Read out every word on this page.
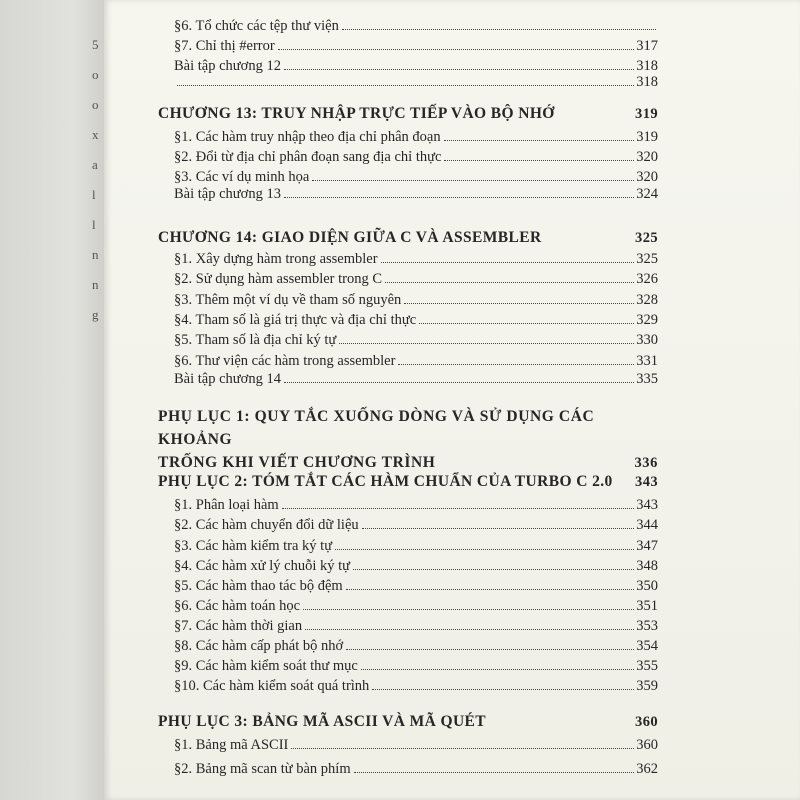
5
o
o
x
a
l
l
n
n
g
§6. Tổ chức các tệp thư viện
§7. Chỉ thị #error	317
Bài tập chương 12	318
318
CHƯƠNG 13: TRUY NHẬP TRỰC TIẾP VÀO BỘ NHỚ	319
§1. Các hàm truy nhập theo địa chỉ phân đoạn	319
§2. Đổi từ địa chỉ phân đoạn sang địa chỉ thực	320
§3. Các ví dụ minh họa	320
Bài tập chương 13	324
CHƯƠNG 14: GIAO DIỆN GIỮA C VÀ ASSEMBLER	325
§1. Xây dựng hàm trong assembler	325
§2. Sử dụng hàm assembler trong C	326
§3. Thêm một ví dụ về tham số nguyên	328
§4. Tham số là giá trị thực và địa chỉ thực	329
§5. Tham số là địa chỉ ký tự	330
§6. Thư viện các hàm trong assembler	331
Bài tập chương 14	335
PHỤ LỤC 1: QUY TẮC XUỐNG DÒNG VÀ SỬ DỤNG CÁC KHOẢNG
TRỐNG KHI VIẾT CHƯƠNG TRÌNH	336
PHỤ LỤC 2: TÓM TẮT CÁC HÀM CHUẨN CỦA TURBO C 2.0	343
§1. Phân loại hàm	343
§2. Các hàm chuyển đổi dữ liệu	344
§3. Các hàm kiểm tra ký tự	347
§4. Các hàm xử lý chuỗi ký tự	348
§5. Các hàm thao tác bộ đệm	350
§6. Các hàm toán học	351
§7. Các hàm thời gian	353
§8. Các hàm cấp phát bộ nhớ	354
§9. Các hàm kiểm soát thư mục	355
§10. Các hàm kiểm soát quá trình	359
PHỤ LỤC 3: BẢNG MÃ ASCII VÀ MÃ QUÉT	360
§1. Bảng mã ASCII	360
§2. Bảng mã scan từ bàn phím	362
